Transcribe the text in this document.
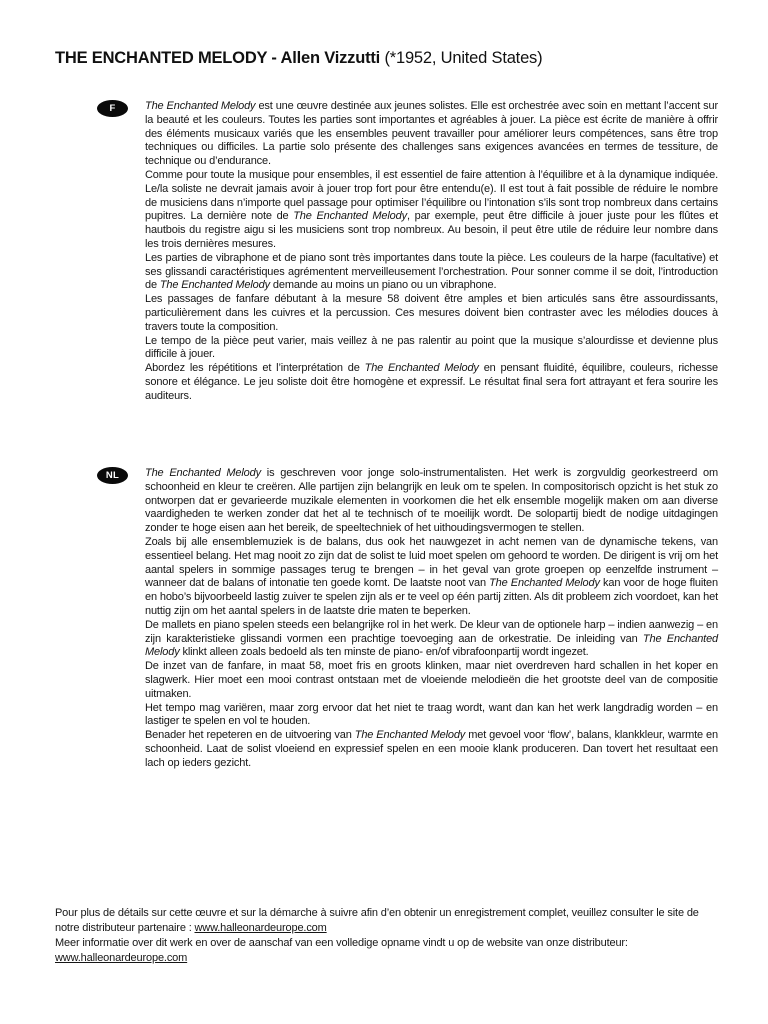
THE ENCHANTED MELODY - Allen Vizzutti (*1952, United States)
F	The Enchanted Melody est une œuvre destinée aux jeunes solistes. Elle est orchestrée avec soin en mettant l’accent sur la beauté et les couleurs. Toutes les parties sont importantes et agréables à jouer. La pièce est écrite de manière à offrir des éléments musicaux variés que les ensembles peuvent travailler pour améliorer leurs compétences, sans être trop techniques ou difficiles. La partie solo présente des challenges sans exigences avancées en termes de tessiture, de technique ou d’endurance.

Comme pour toute la musique pour ensembles, il est essentiel de faire attention à l’équilibre et à la dynamique indiquée. Le/la soliste ne devrait jamais avoir à jouer trop fort pour être entendu(e). Il est tout à fait possible de réduire le nombre de musiciens dans n’importe quel passage pour optimiser l’équilibre ou l’intonation s’ils sont trop nombreux dans certains pupitres. La dernière note de The Enchanted Melody, par exemple, peut être difficile à jouer juste pour les flûtes et hautbois du registre aigu si les musiciens sont trop nombreux. Au besoin, il peut être utile de réduire leur nombre dans les trois dernières mesures.

Les parties de vibraphone et de piano sont très importantes dans toute la pièce. Les couleurs de la harpe (facultative) et ses glissandi caractéristiques agrémentent merveilleusement l’orchestration. Pour sonner comme il se doit, l’introduction de The Enchanted Melody demande au moins un piano ou un vibraphone.

Les passages de fanfare débutant à la mesure 58 doivent être amples et bien articulés sans être assourdissants, particulièrement dans les cuivres et la percussion. Ces mesures doivent bien contraster avec les mélodies douces à travers toute la composition.

Le tempo de la pièce peut varier, mais veillez à ne pas ralentir au point que la musique s’alourdisse et devienne plus difficile à jouer.

Abordez les répétitions et l’interprétation de The Enchanted Melody en pensant fluidité, équilibre, couleurs, richesse sonore et élégance. Le jeu soliste doit être homogène et expressif. Le résultat final sera fort attrayant et fera sourire les auditeurs.

NL	The Enchanted Melody is geschreven voor jonge solo-instrumentalisten. Het werk is zorgvuldig georkestreerd om schoonheid en kleur te creëren. Alle partijen zijn belangrijk en leuk om te spelen. In compositorisch opzicht is het stuk zo ontworpen dat er gevarieerde muzikale elementen in voorkomen die het elk ensemble mogelijk maken om aan diverse vaardigheden te werken zonder dat het al te technisch of te moeilijk wordt. De solopartij biedt de nodige uitdagingen zonder te hoge eisen aan het bereik, de speeltechniek of het uithoudingsvermogen te stellen.

Zoals bij alle ensemblemuziek is de balans, dus ook het nauwgezet in acht nemen van de dynamische tekens, van essentieel belang. Het mag nooit zo zijn dat de solist te luid moet spelen om gehoord te worden. De dirigent is vrij om het aantal spelers in sommige passages terug te brengen – in het geval van grote groepen op eenzelfde instrument – wanneer dat de balans of intonatie ten goede komt. De laatste noot van The Enchanted Melody kan voor de hoge fluiten en hobo’s bijvoorbeeld lastig zuiver te spelen zijn als er te veel op één partij zitten. Als dit probleem zich voordoet, kan het nuttig zijn om het aantal spelers in de laatste drie maten te beperken.

De mallets en piano spelen steeds een belangrijke rol in het werk. De kleur van de optionele harp – indien aanwezig – en zijn karakteristieke glissandi vormen een prachtige toevoeging aan de orkestratie. De inleiding van The Enchanted Melody klinkt alleen zoals bedoeld als ten minste de piano- en/of vibrafoonpartij wordt ingezet.

De inzet van de fanfare, in maat 58, moet fris en groots klinken, maar niet overdreven hard schallen in het koper en slagwerk. Hier moet een mooi contrast ontstaan met de vloeiende melodieën die het grootste deel van de compositie uitmaken.

Het tempo mag variëren, maar zorg ervoor dat het niet te traag wordt, want dan kan het werk langdradig worden – en lastiger te spelen en vol te houden.

Benader het repeteren en de uitvoering van The Enchanted Melody met gevoel voor ‘flow’, balans, klankkleur, warmte en schoonheid. Laat de solist vloeiend en expressief spelen en een mooie klank produceren. Dan tovert het resultaat een lach op ieders gezicht.

Pour plus de détails sur cette œuvre et sur la démarche à suivre afin d’en obtenir un enregistrement complet, veuillez consulter le site de notre distributeur partenaire : www.halleonardeurope.com

Meer informatie over dit werk en over de aanschaf van een volledige opname vindt u op de website van onze distributeur: www.halleonardeurope.com
